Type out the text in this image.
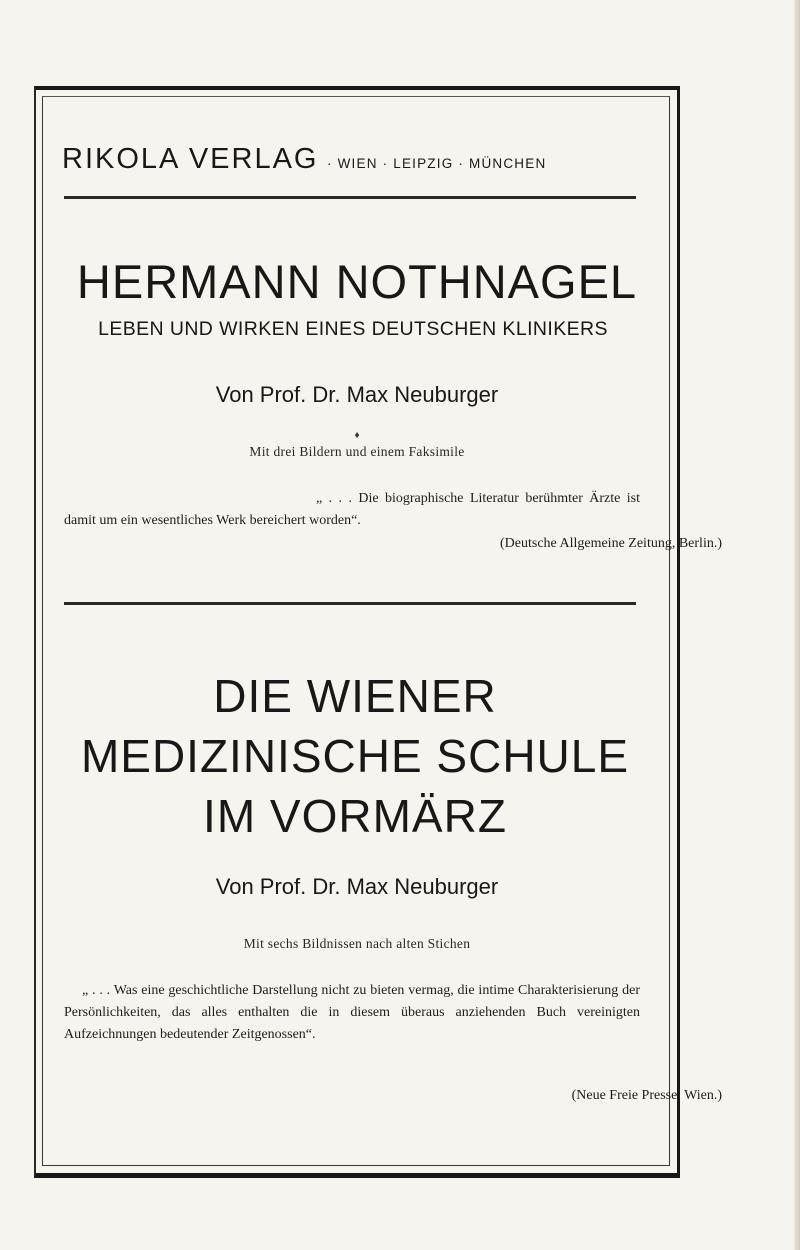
RIKOLA VERLAG · WIEN · LEIPZIG · MÜNCHEN
HERMANN NOTHNAGEL
LEBEN UND WIRKEN EINES DEUTSCHEN KLINIKERS
Von Prof. Dr. Max Neuburger
♦
Mit drei Bildern und einem Faksimile
„ . . . Die biographische Literatur berühmter Ärzte ist damit um ein wesentliches Werk bereichert worden“.
(Deutsche Allgemeine Zeitung, Berlin.)
DIE WIENER
MEDIZINISCHE SCHULE
IM VORMÄRZ
Von Prof. Dr. Max Neuburger
Mit sechs Bildnissen nach alten Stichen
„ . . . Was eine geschichtliche Darstellung nicht zu bieten vermag, die intime Charakterisierung der Persönlichkeiten, das alles enthalten die in diesem überaus anziehenden Buch vereinigten Aufzeichnungen bedeutender Zeitgenossen“.
(Neue Freie Presse, Wien.)
